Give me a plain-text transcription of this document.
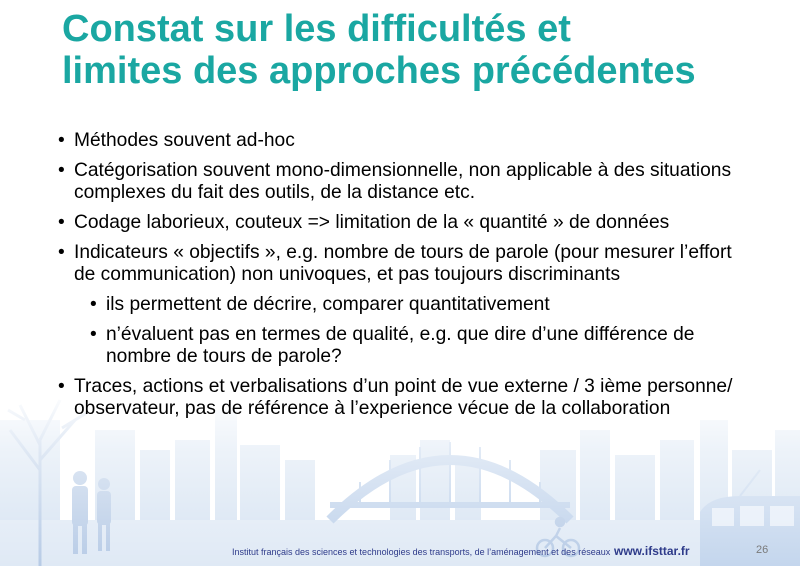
Constat sur les difficultés et
limites des approches précédentes
• Méthodes souvent ad-hoc
• Catégorisation souvent mono-dimensionnelle, non applicable à des situations complexes du fait des outils, de la distance etc.
• Codage laborieux, couteux => limitation de la « quantité » de données
• Indicateurs « objectifs », e.g. nombre de tours de parole (pour mesurer l’effort de communication) non univoques, et pas toujours discriminants
• ils permettent de décrire, comparer quantitativement
• n’évaluent pas en termes de qualité, e.g. que dire d’une différence de nombre de tours de parole?
• Traces, actions et verbalisations d’un point de vue externe / 3 ième personne/ observateur, pas de référence à l’experience vécue de la collaboration
Institut français des sciences et technologies des transports, de l’aménagement et des réseaux www.ifsttar.fr	26
